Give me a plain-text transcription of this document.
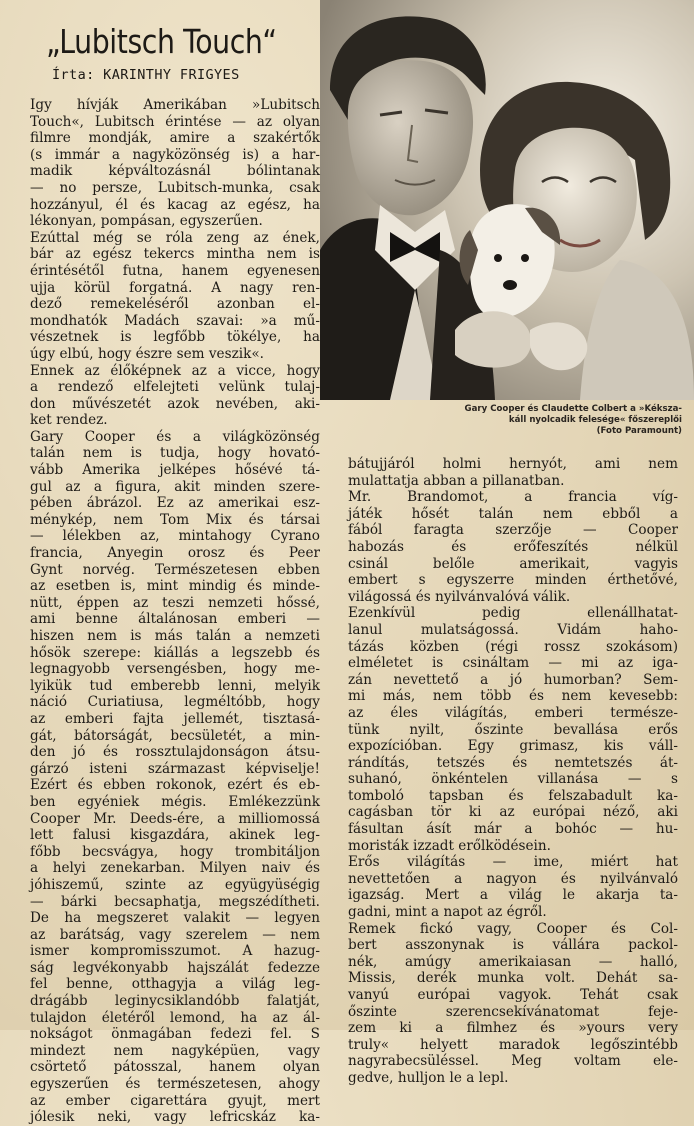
„Lubitsch Touch“
Írta: KARINTHY FRIGYES
Gary Cooper és Claudette Colbert a »Kéksza-
káll nyolcadik felesége« főszereplői
(Foto Paramount)
Igy hívják Amerikában »Lubitsch
Touch«, Lubitsch érintése — az olyan
filmre mondják, amire a szakértők
(s immár a nagyközönség is) a har-
madik képváltozásnál bólintanak
— no persze, Lubitsch-munka, csak
hozzányul, él és kacag az egész, ha
lékonyan, pompásan, egyszerűen.
Ezúttal még se róla zeng az ének,
bár az egész tekercs mintha nem is
érintésétől futna, hanem egyenesen
ujja körül forgatná. A nagy ren-
dező remekeléséről azonban el-
mondhatók Madách szavai: »a mű-
vészetnek is legfőbb tökélye, ha
úgy elbú, hogy észre sem veszik«.
Ennek az élőképnek az a vicce, hogy
a rendező elfelejteti velünk tulaj-
don művészetét azok nevében, aki-
ket rendez.
Gary Cooper és a világközönség
talán nem is tudja, hogy hovató-
vább Amerika jelképes hősévé tá-
gul az a figura, akit minden szere-
pében ábrázol. Ez az amerikai esz-
ménykép, nem Tom Mix és társai
— lélekben az, mintahogy Cyrano
francia, Anyegin orosz és Peer
Gynt norvég. Természetesen ebben
az esetben is, mint mindig és minde-
nütt, éppen az teszi nemzeti hőssé,
ami benne általánosan emberi —
hiszen nem is más talán a nemzeti
hősök szerepe: kiállás a legszebb és
legnagyobb versengésben, hogy me-
lyikük tud emberebb lenni, melyik
náció Curiatiusa, legméltóbb, hogy
az emberi fajta jellemét, tisztasá-
gát, bátorságát, becsületét, a min-
den jó és rossztulajdonságon átsu-
gárzó isteni származast képviselje!
Ezért és ebben rokonok, ezért és eb-
ben egyéniek mégis. Emlékezzünk
Cooper Mr. Deeds-ére, a milliomossá
lett falusi kisgazdára, akinek leg-
főbb becsvágya, hogy trombitáljon
a helyi zenekarban. Milyen naiv és
jóhiszemű, szinte az együgyüségig
— bárki becsaphatja, megszédítheti.
De ha megszeret valakit — legyen
az barátság, vagy szerelem — nem
ismer kompromisszumot. A hazug-
ság legvékonyabb hajszálát fedezze
fel benne, otthagyja a világ leg-
drágább leginycsiklandóbb falatját,
tulajdon életéről lemond, ha az ál-
nokságot önmagában fedezi fel. S
mindezt nem nagyképüen, vagy
csörtető pátosszal, hanem olyan
egyszerűen és természetesen, ahogy
az ember cigarettára gyujt, mert
jólesik neki, vagy lefricskáz ka-
bátujjáról holmi hernyót, ami nem
mulattatja abban a pillanatban.
Mr. Brandomot, a francia víg-
játék hősét talán nem ebből a
fából faragta szerzője — Cooper
habozás és erőfeszítés nélkül
csinál belőle amerikait, vagyis
embert s egyszerre minden érthetővé,
világossá és nyilvánvalóvá válik.
Ezenkívül pedig ellenállhatat-
lanul mulatságossá. Vidám haho-
tázás közben (régi rossz szokásom)
elméletet is csináltam — mi az iga-
zán nevettető a jó humorban? Sem-
mi más, nem több és nem kevesebb:
az éles világítás, emberi természe-
tünk nyilt, őszinte bevallása erős
expozícióban. Egy grimasz, kis váll-
rándítás, tetszés és nemtetszés át-
suhanó, önkéntelen villanása — s
tomboló tapsban és felszabadult ka-
cagásban tör ki az európai néző, aki
fásultan ásít már a bohóc — hu-
moristák izzadt erőlködésein.
Erős világítás — ime, miért hat
nevettetően a nagyon és nyilvánvaló
igazság. Mert a világ le akarja ta-
gadni, mint a napot az égről.
Remek fickó vagy, Cooper és Col-
bert asszonynak is vállára packol-
nék, amúgy amerikaiasan — halló,
Missis, derék munka volt. Dehát sa-
vanyú európai vagyok. Tehát csak
őszinte szerencsekívánatomat feje-
zem ki a filmhez és »yours very
truly« helyett maradok legőszintébb
nagyrabecsüléssel. Meg voltam ele-
gedve, hulljon le a lepl.
